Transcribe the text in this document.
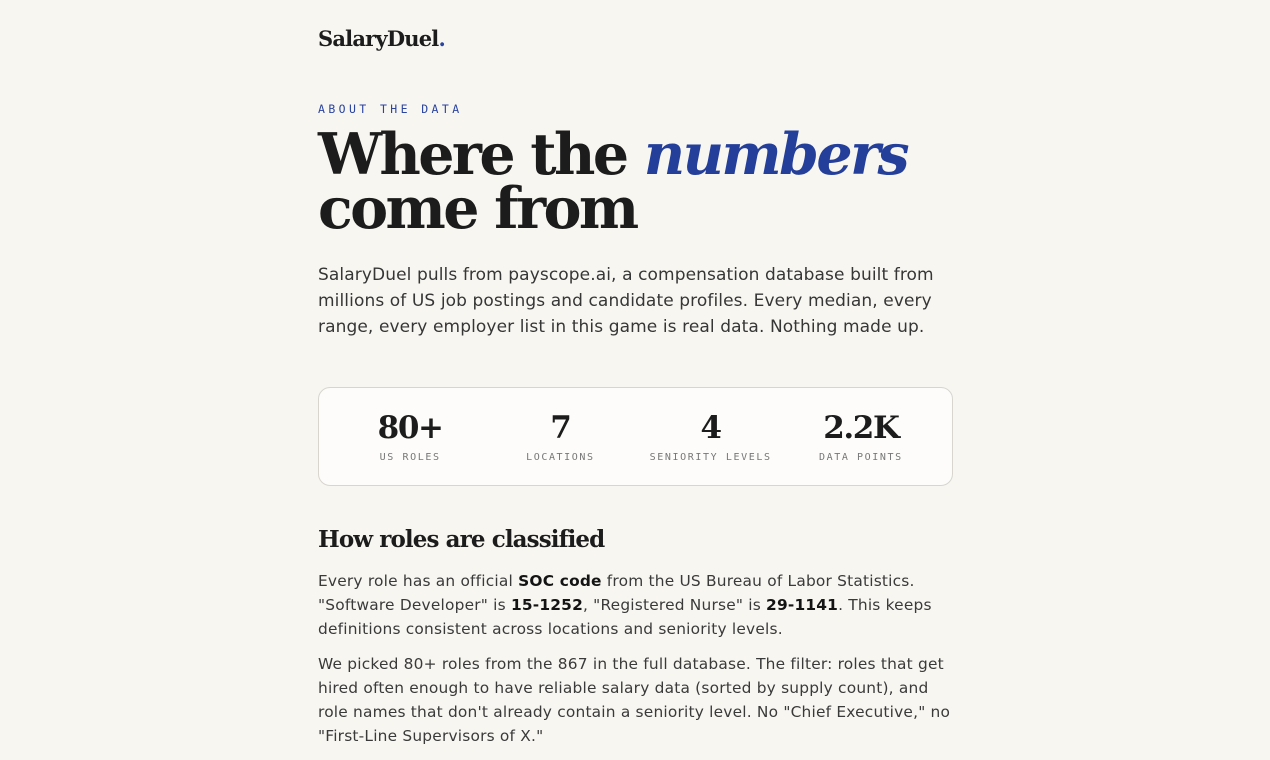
SalaryDuel.
ABOUT THE DATA
Where the numbers come from

SalaryDuel pulls from payscope.ai, a compensation database built from millions of US job postings and candidate profiles. Every median, every range, every employer list in this game is real data. Nothing made up.

80+
US ROLES
7
LOCATIONS
4
SENIORITY LEVELS
2.2K
DATA POINTS
How roles are classified

Every role has an official SOC code from the US Bureau of Labor Statistics. "Software Developer" is 15-1252, "Registered Nurse" is 29-1141. This keeps definitions consistent across locations and seniority levels.

We picked 80+ roles from the 867 in the full database. The filter: roles that get hired often enough to have reliable salary data (sorted by supply count), and role names that don't already contain a seniority level. No "Chief Executive," no "First-Line Supervisors of X."
